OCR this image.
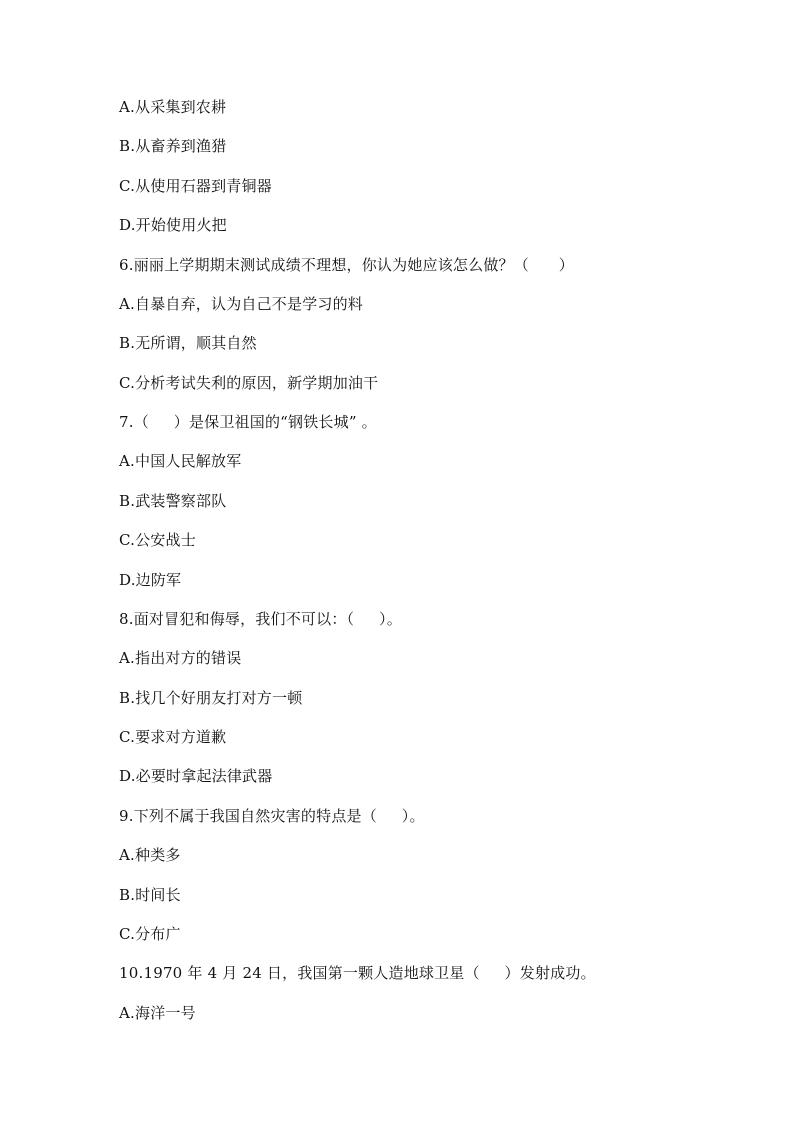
A.从采集到农耕
B.从畜养到渔猎
C.从使用石器到青铜器
D.开始使用火把
6.丽丽上学期期末测试成绩不理想，你认为她应该怎么做？（      ）
A.自暴自弃，认为自己不是学习的料
B.无所谓，顺其自然
C.分析考试失利的原因，新学期加油干
7.（     ）是保卫祖国的“钢铁长城” 。
A.中国人民解放军
B.武装警察部队
C.公安战士
D.边防军
8.面对冒犯和侮辱，我们不可以：（     ）。
A.指出对方的错误
B.找几个好朋友打对方一顿
C.要求对方道歉
D.必要时拿起法律武器
9.下列不属于我国自然灾害的特点是（     ）。
A.种类多
B.时间长
C.分布广
10.1970 年 4 月 24 日，我国第一颗人造地球卫星（     ）发射成功。
A.海洋一号
